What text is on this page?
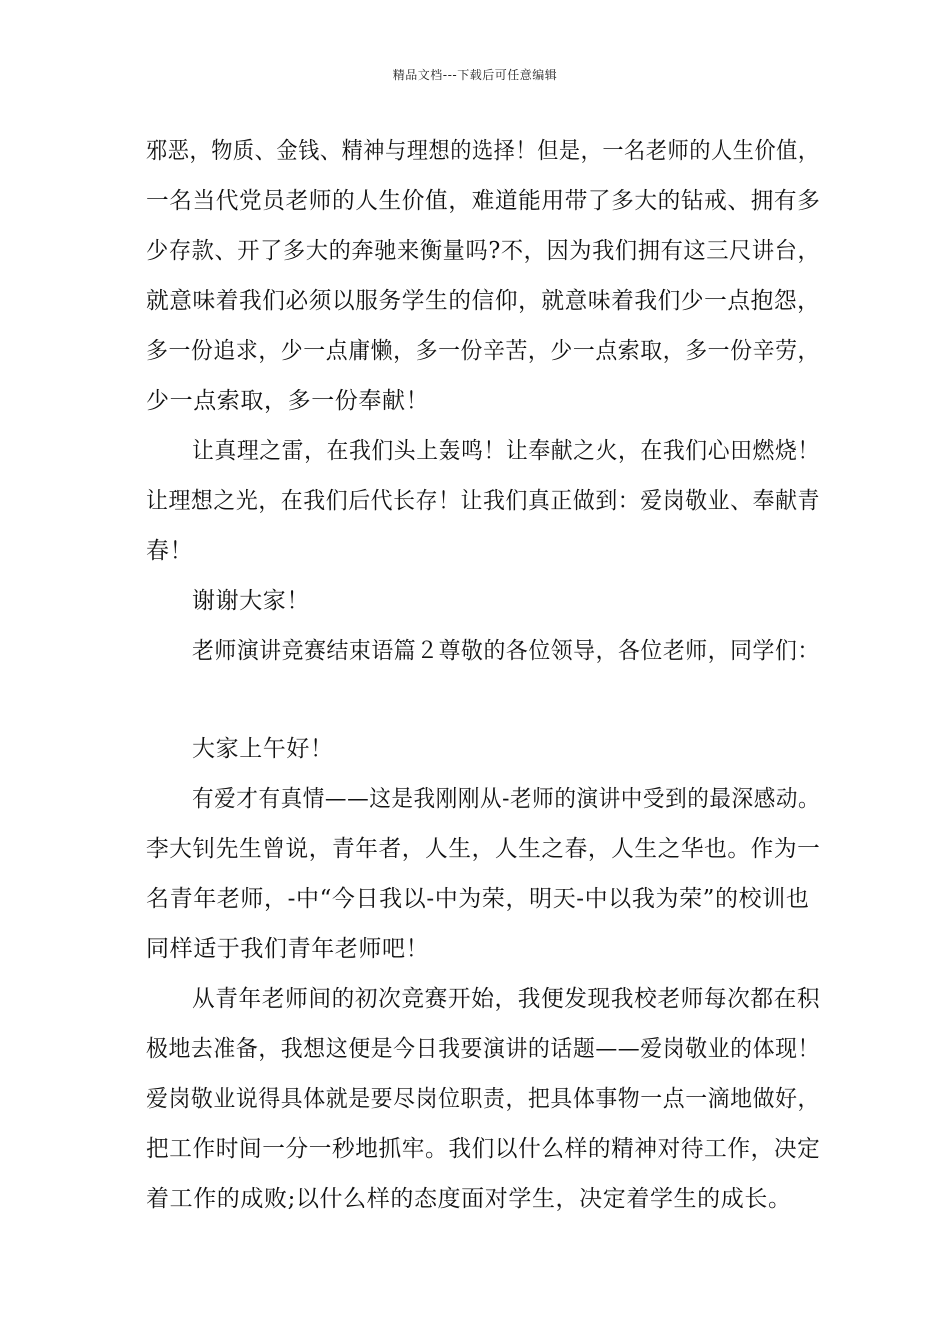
精品文档---下载后可任意编辑
邪恶，物质、金钱、精神与理想的选择！但是，一名老师的人生价值，
一名当代党员老师的人生价值，难道能用带了多大的钻戒、拥有多
少存款、开了多大的奔驰来衡量吗?不，因为我们拥有这三尺讲台，
就意味着我们必须以服务学生的信仰，就意味着我们少一点抱怨，
多一份追求，少一点庸懒，多一份辛苦，少一点索取，多一份辛劳，
少一点索取，多一份奉献！
让真理之雷，在我们头上轰鸣！让奉献之火，在我们心田燃烧！
让理想之光，在我们后代长存！让我们真正做到：爱岗敬业、奉献青
春！
谢谢大家！
老师演讲竞赛结束语篇２尊敬的各位领导，各位老师，同学们：
大家上午好！
有爱才有真情——这是我刚刚从-老师的演讲中受到的最深感动。
李大钊先生曾说，青年者，人生，人生之春，人生之华也。作为一
名青年老师，-中“今日我以-中为荣，明天-中以我为荣”的校训也
同样适于我们青年老师吧！
从青年老师间的初次竞赛开始，我便发现我校老师每次都在积
极地去准备，我想这便是今日我要演讲的话题——爱岗敬业的体现！
爱岗敬业说得具体就是要尽岗位职责，把具体事物一点一滴地做好，
把工作时间一分一秒地抓牢。我们以什么样的精神对待工作，决定
着工作的成败;以什么样的态度面对学生，决定着学生的成长。
